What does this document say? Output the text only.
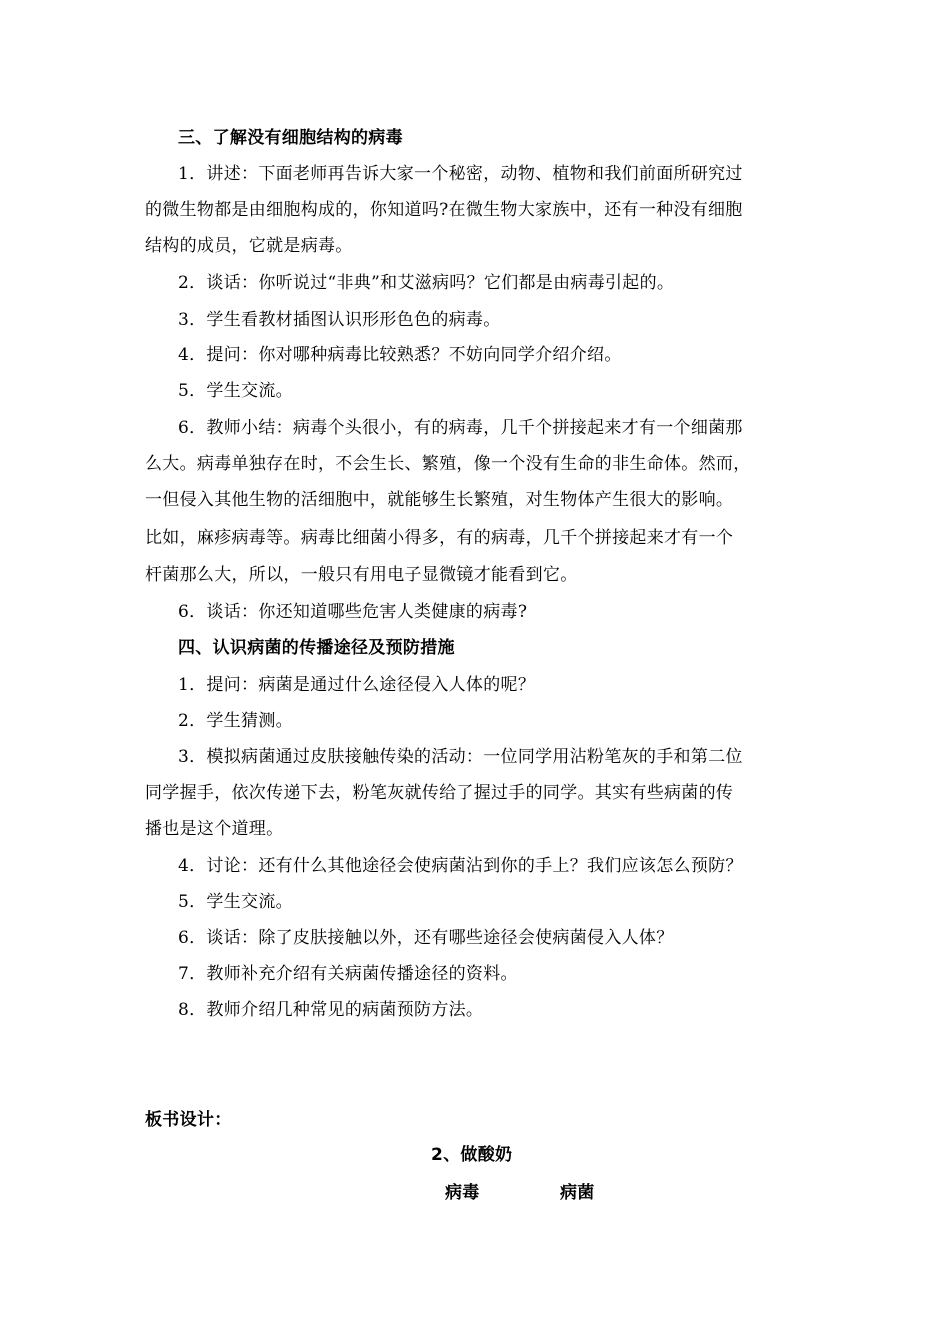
三、了解没有细胞结构的病毒
1．讲述：下面老师再告诉大家一个秘密，动物、植物和我们前面所研究过
的微生物都是由细胞构成的，你知道吗?在微生物大家族中，还有一种没有细胞
结构的成员，它就是病毒。
2．谈话：你听说过“非典”和艾滋病吗？它们都是由病毒引起的。
3．学生看教材插图认识形形色色的病毒。
4．提问：你对哪种病毒比较熟悉？不妨向同学介绍介绍。
5．学生交流。
6．教师小结：病毒个头很小，有的病毒，几千个拼接起来才有一个细菌那
么大。病毒单独存在时，不会生长、繁殖，像一个没有生命的非生命体。然而，
一但侵入其他生物的活细胞中，就能够生长繁殖，对生物体产生很大的影响。
比如，麻疹病毒等。病毒比细菌小得多，有的病毒，几千个拼接起来才有一个
杆菌那么大，所以，一般只有用电子显微镜才能看到它。
6．谈话：你还知道哪些危害人类健康的病毒?
四、认识病菌的传播途径及预防措施
1．提问：病菌是通过什么途径侵入人体的呢？
2．学生猜测。
3．模拟病菌通过皮肤接触传染的活动：一位同学用沾粉笔灰的手和第二位
同学握手，依次传递下去，粉笔灰就传给了握过手的同学。其实有些病菌的传
播也是这个道理。
4．讨论：还有什么其他途径会使病菌沾到你的手上？我们应该怎么预防？
5．学生交流。
6．谈话：除了皮肤接触以外，还有哪些途径会使病菌侵入人体？
7．教师补充介绍有关病菌传播途径的资料。
8．教师介绍几种常见的病菌预防方法。
板书设计：
2、做酸奶
病毒	病菌
